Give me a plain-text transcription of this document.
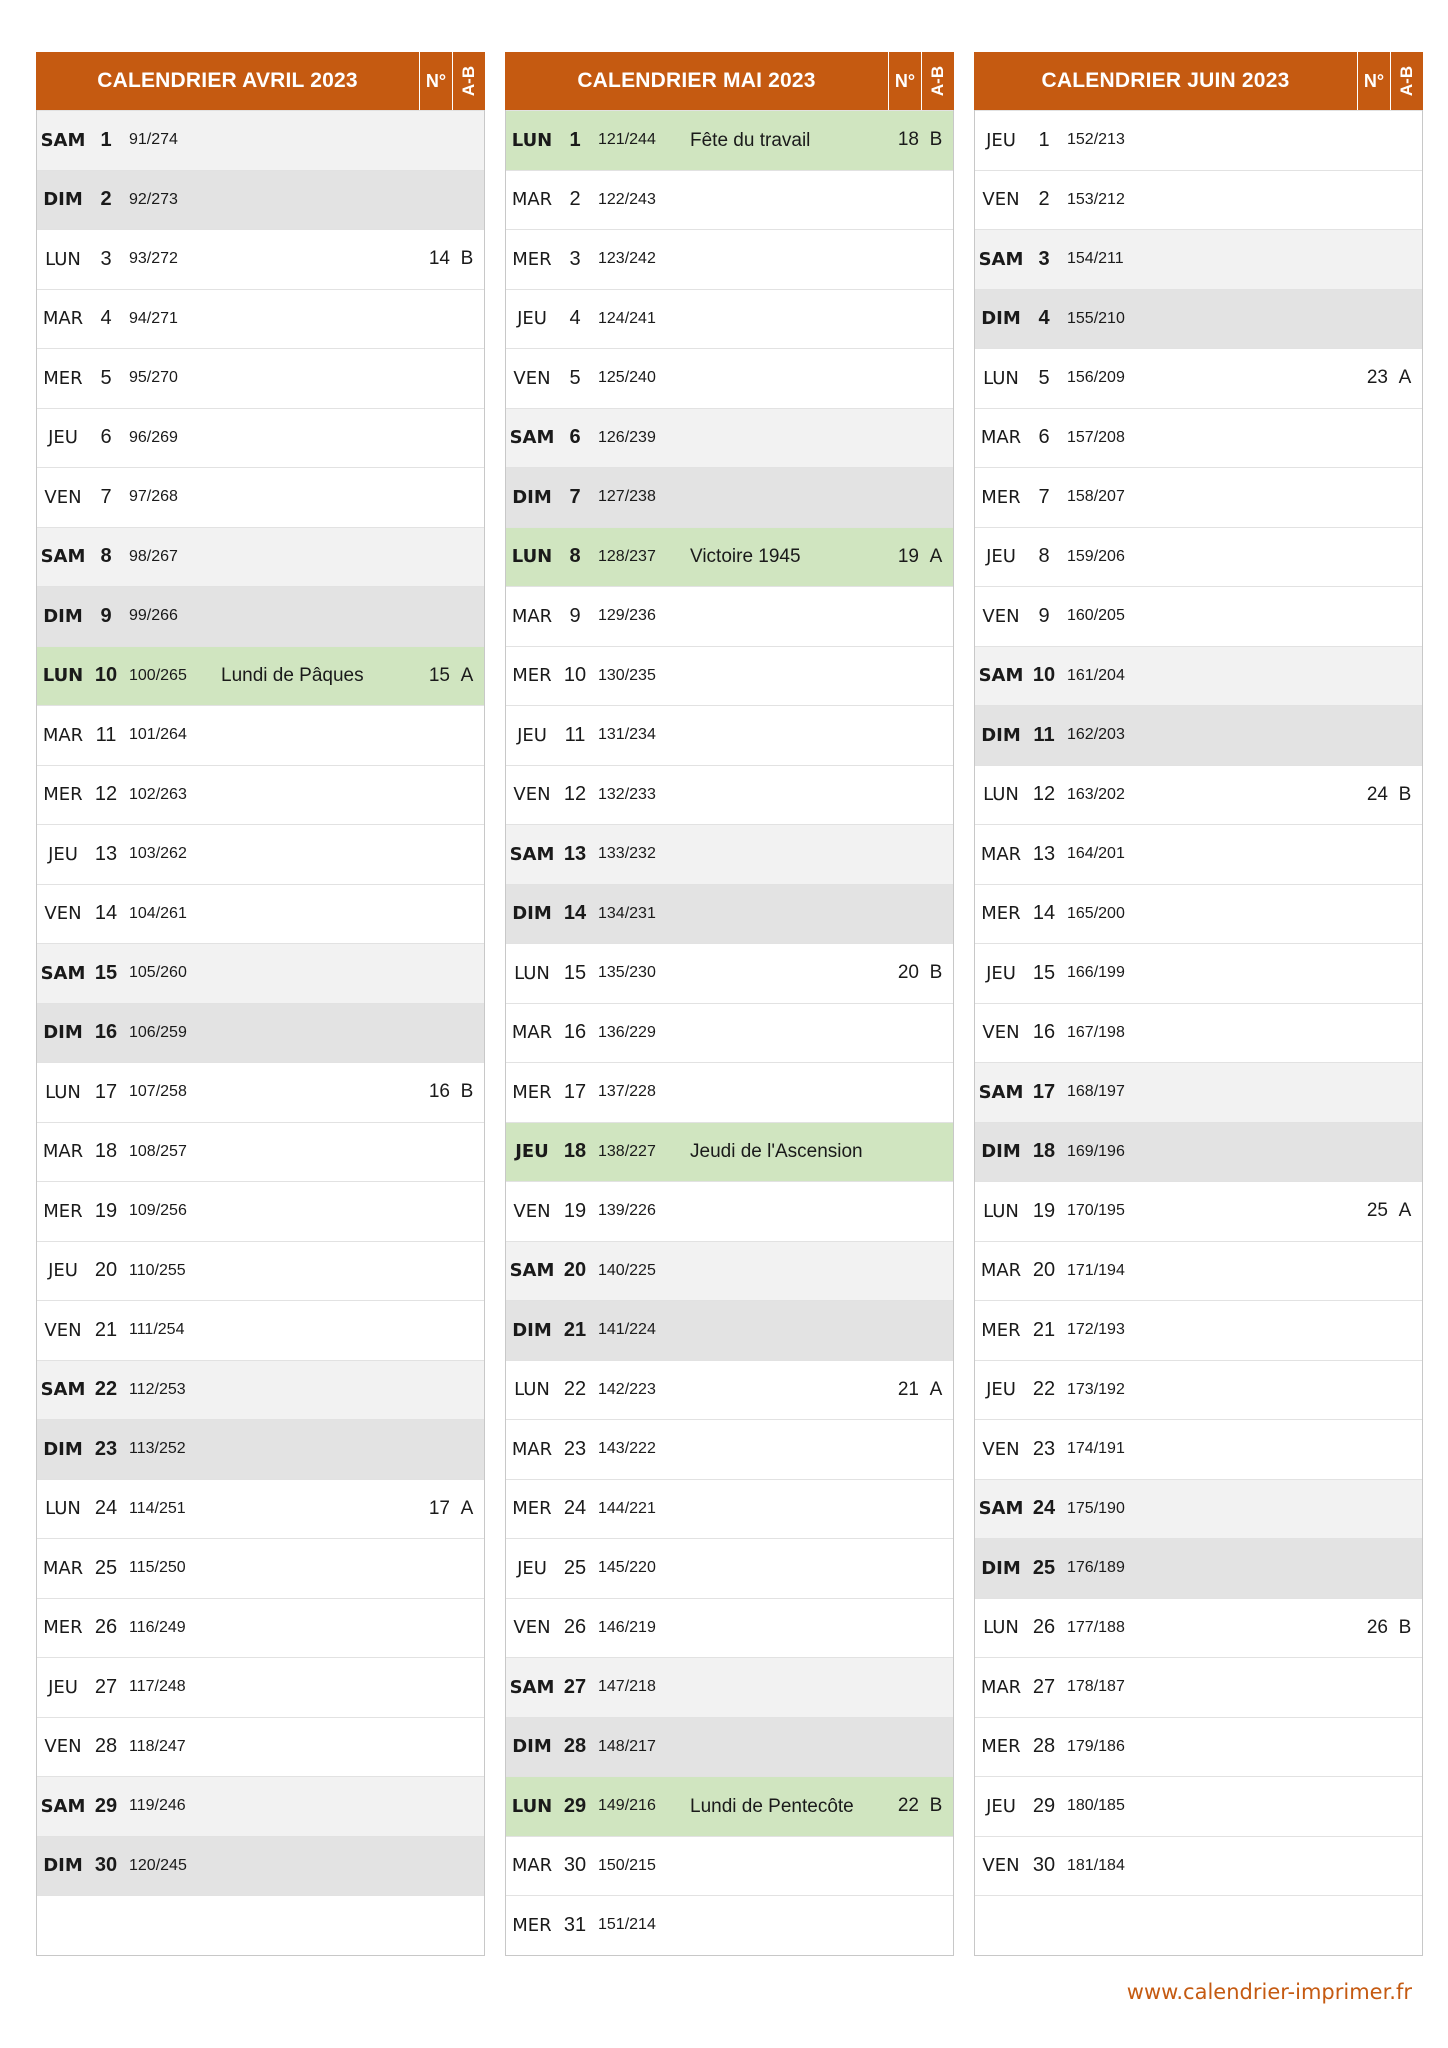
CALENDRIER AVRIL 2023	N° A-B
SAM 1	91/274
DIM 2	92/273
LUN 3	93/272	14 B
MAR 4	94/271
MER 5	95/270
JEU	6	96/269
VEN 7	97/268
SAM 8	98/267
DIM 9	99/266
LUN 10 100/265	Lundi de Pâques	15 A
MAR 11 101/264
MER 12 102/263
JEU 13 103/262
VEN 14 104/261
SAM 15 105/260
DIM 16 106/259
LUN 17 107/258	16 B
MAR 18 108/257
MER 19 109/256
JEU 20 110/255
VEN 21 111/254
SAM 22 112/253
DIM 23 113/252
LUN 24 114/251	17 A
MAR 25 115/250
MER 26 116/249
JEU 27 117/248
VEN 28 118/247
SAM 29 119/246
DIM 30 120/245
CALENDRIER MAI 2023	N° A-B
LUN 1	121/244	Fête du travail	18 B
MAR 2	122/243
MER 3	123/242
JEU	4	124/241
VEN 5	125/240
SAM 6	126/239
DIM 7	127/238
LUN 8	128/237	Victoire 1945	19 A
MAR 9	129/236
MER 10 130/235
JEU 11 131/234
VEN 12 132/233
SAM 13 133/232
DIM 14 134/231
LUN 15 135/230	20 B
MAR 16 136/229
MER 17 137/228
JEU 18 138/227	Jeudi de l'Ascension
VEN 19 139/226
SAM 20 140/225
DIM 21 141/224
LUN 22 142/223	21 A
MAR 23 143/222
MER 24 144/221
JEU 25 145/220
VEN 26 146/219
SAM 27 147/218
DIM 28 148/217
LUN 29 149/216	Lundi de Pentecôte	22 B
MAR 30 150/215
MER 31 151/214
CALENDRIER JUIN 2023	N° A-B
JEU	1	152/213
VEN 2	153/212
SAM 3	154/211
DIM 4	155/210
LUN 5	156/209	23 A
MAR 6	157/208
MER 7	158/207
JEU	8	159/206
VEN 9	160/205
SAM 10 161/204
DIM 11 162/203
LUN 12 163/202	24 B
MAR 13 164/201
MER 14 165/200
JEU 15 166/199
VEN 16 167/198
SAM 17 168/197
DIM 18 169/196
LUN 19 170/195	25 A
MAR 20 171/194
MER 21 172/193
JEU 22 173/192
VEN 23 174/191
SAM 24 175/190
DIM 25 176/189
LUN 26 177/188	26 B
MAR 27 178/187
MER 28 179/186
JEU 29 180/185
VEN 30 181/184
www.calendrier-imprimer.fr
